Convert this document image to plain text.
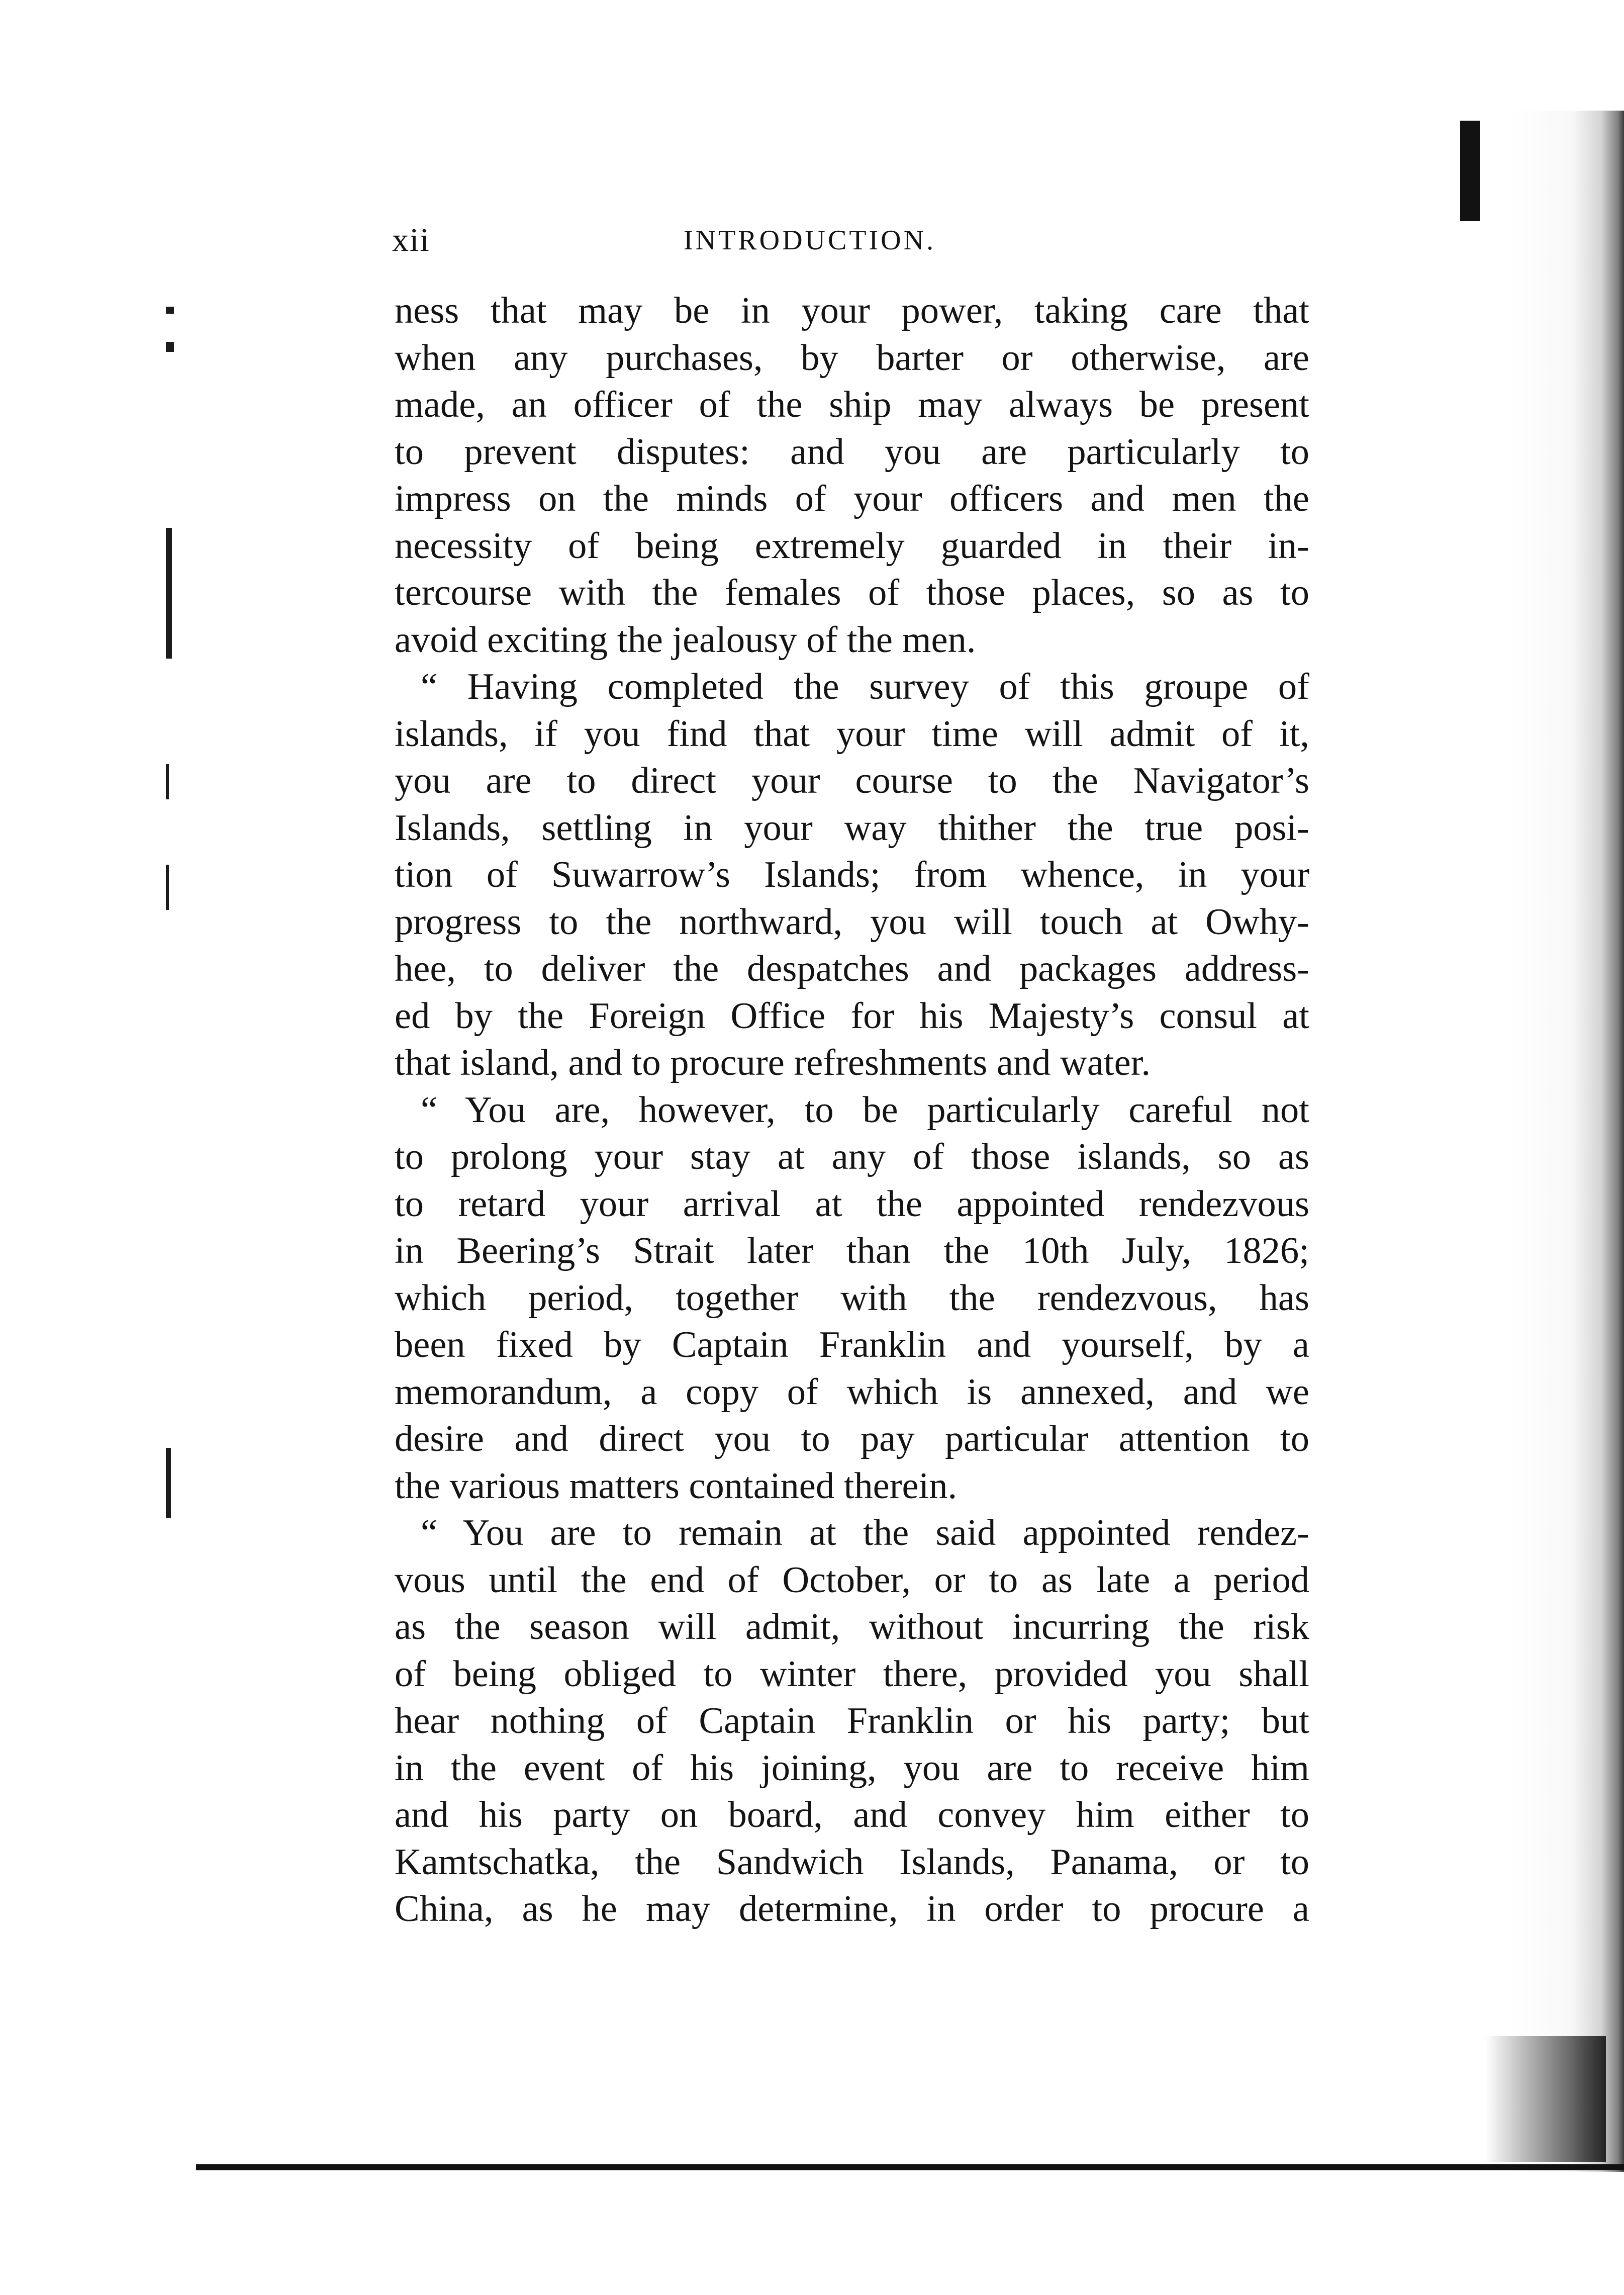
xii	INTRODUCTION.
ness that may be in your power, taking care that
when any purchases, by barter or otherwise, are
made, an officer of the ship may always be present
to prevent disputes: and you are particularly to
impress on the minds of your officers and men the
necessity of being extremely guarded in their in-
tercourse with the females of those places, so as to
avoid exciting the jealousy of the men.
“ Having completed the survey of this groupe of
islands, if you find that your time will admit of it,
you are to direct your course to the Navigator’s
Islands, settling in your way thither the true posi-
tion of Suwarrow’s Islands; from whence, in your
progress to the northward, you will touch at Owhy-
hee, to deliver the despatches and packages address-
ed by the Foreign Office for his Majesty’s consul at
that island, and to procure refreshments and water.
“ You are, however, to be particularly careful not
to prolong your stay at any of those islands, so as
to retard your arrival at the appointed rendezvous
in Beering’s Strait later than the 10th July, 1826;
which period, together with the rendezvous, has
been fixed by Captain Franklin and yourself, by a
memorandum, a copy of which is annexed, and we
desire and direct you to pay particular attention to
the various matters contained therein.
“ You are to remain at the said appointed rendez-
vous until the end of October, or to as late a period
as the season will admit, without incurring the risk
of being obliged to winter there, provided you shall
hear nothing of Captain Franklin or his party; but
in the event of his joining, you are to receive him
and his party on board, and convey him either to
Kamtschatka, the Sandwich Islands, Panama, or to
China, as he may determine, in order to procure a
